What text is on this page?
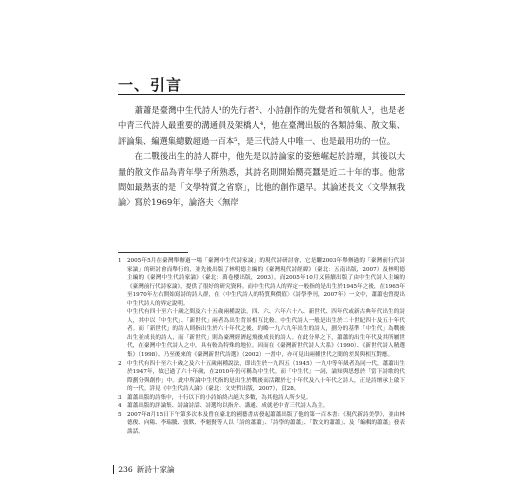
一、引言

蕭蕭是臺灣中生代詩人¹的先行者²、小詩創作的先覺者和領航人³，也是老中青三代詩人最重要的溝通員及架橋人⁴，他在臺灣出版的各類詩集、散文集、評論集、編選集總數超過一百本⁵，是三代詩人中唯一、也是最用功的一位。

在二戰後出生的詩人群中，他先是以詩論家的姿態崛起於詩壇，其後以大量的散文作品為青年學子所熟悉，其詩名則開始嚮亮蠶是近二十年的事。他常間如最熱衷的是「文學特質之省察」，比他的創作還早。其論述長文〈文學無我論〉寫於1969年，論洛夫〈無岸

1 2005年5月在臺灣舉辦過一場「臺灣中生代詩家論」的現代詩研討會，它是繼2003年舉辦過的「臺灣前行代詩家論」的研討會而舉行的，並先後出版了林明德主編的《臺灣現代詩經緯》（臺北：五南出版，2007）及林明德主編的《臺灣中生代詩家論》（臺北：萬卷樓出版，2003）。而2005年10月又陸續出版了由中生代詩人主編的《臺灣前行代詩家論》，提供了很好的研究資料。而中生代詩人的界定一般指的是出生於1945年之後，在1965年至1970年左右開始寫詩的詩人群，在〈中生代詩人的特質與價值〉（詩學季刊，2007年）一文中，蕭蕭也曾提出中生代詩人的界定說明。
中生代有四十至六十歲之間及六十五歲兩種說法。四、六、六年六十八、新世代、四年代或新古典年代出生的詩人，其中以「中生代」、「新世代」兩者為出生背景相互比較。中生代詩人一般是出生於二十世紀四十及五十年代者。而「新世代」的詩人則指出生於六十年代之後，約略一九六九年出生的詩人，劃分的基準「中生代」為戰後出生並成長的詩人，而「新世代」則為臺灣經濟起飛後成長的詩人。在此分界之下，蕭蕭的出生年代及其所屬世代，在臺灣中生代詩人之中，具有較為特殊的地位。因而在《臺灣新世代詩人大系》（1990）、《新世代詩人精選集》（1998）、乃至後來的《臺灣新世代詩選》（2002）一書中，亦可見出兩種世代之間的差異與相互對應。
2 中生代有四十至六十歲之及六十五歲兩種說法，即出生於一九四五（1945）一九中等年級者為同一代，蕭蕭出生於1947年，故已過了六十年歲，在2010年仍可稱為中生代。而「中生代」一詞，論知與思想於「當下詩歌的代際劃分與創作」中。此中所論中生代指的是出生於戰後而活躍於七十年代及八十年代之詩人，正是詩壇承上啟下的一代。詳見《中生代詩人論》（臺北：文史哲出版，2007），頁28。
3 蕭蕭出版的詩集中，十行以下的小詩始終占絕大多數，為其他詩人所少見。
4 蕭蕭出版的評論集、詩論詩話、詩選均以指介、講通、成就老中青三代詩人為主。
5 2007年8月15日下午第多次本及曾在臺北的國藝書店發起蕭蕭出版了他的第一百本書：《現代新詩美學》，並由林德俊、向陽、李瑞騰、張默、李魁賢等人以「詩的蕭蕭」、「詩學的蕭蕭」、「散文的蕭蕭」、及「編輯的蕭蕭」發表談話。
236 新詩十家論
